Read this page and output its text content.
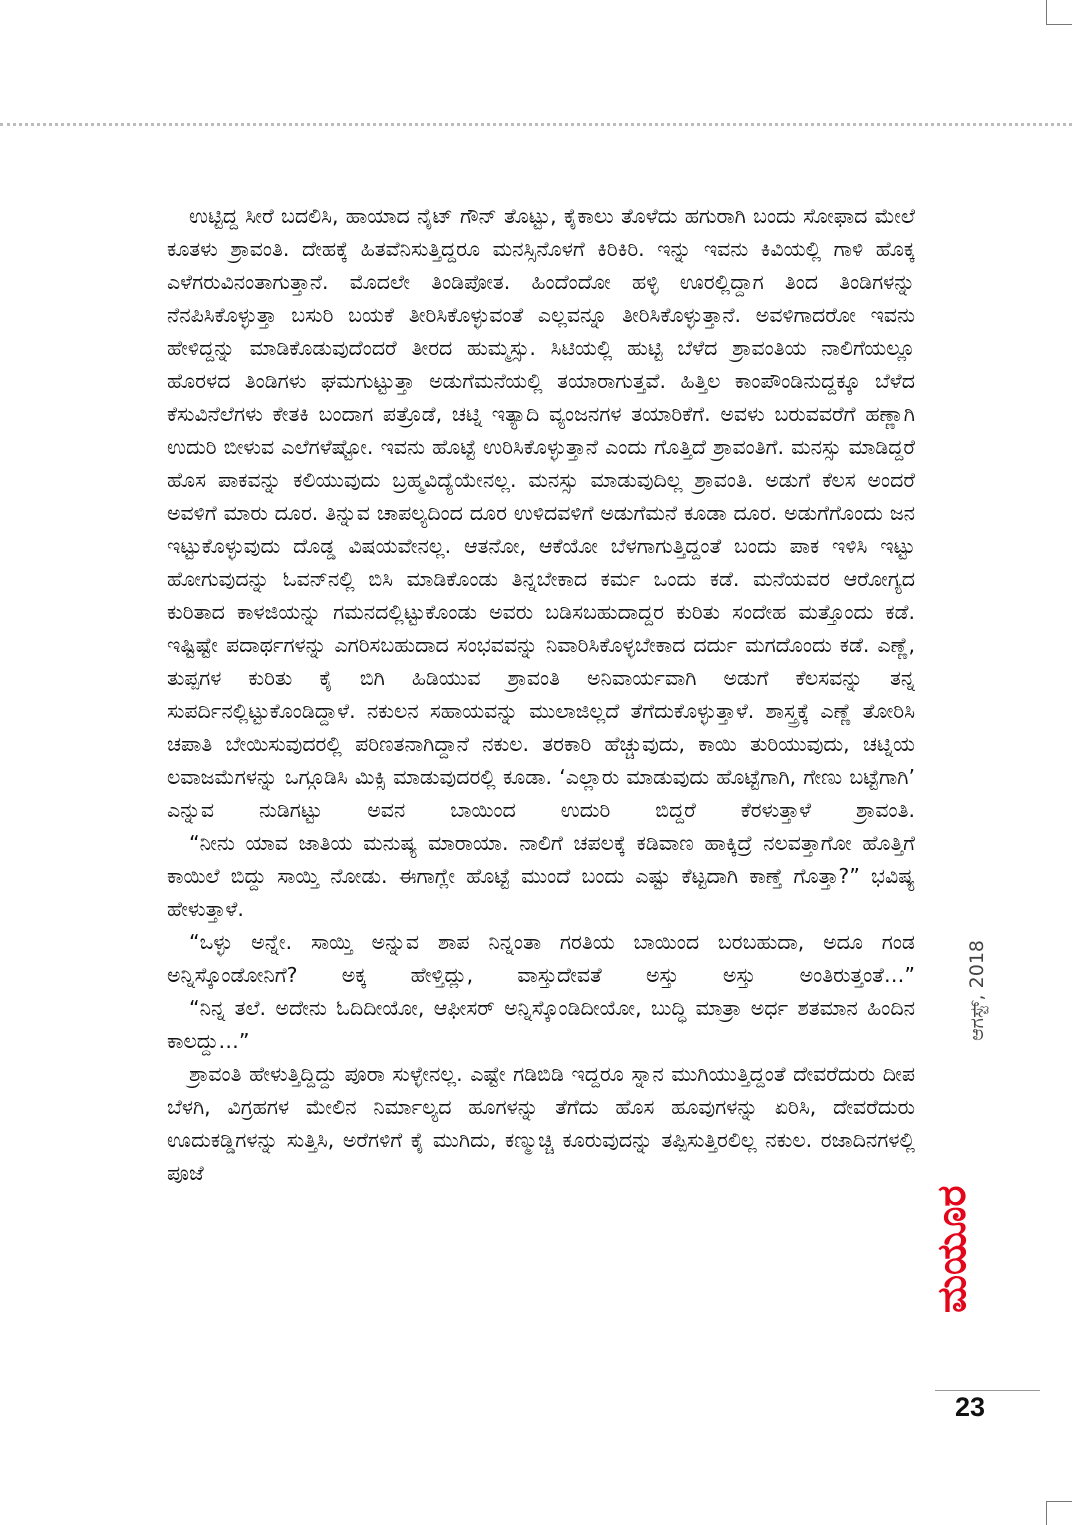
ಉಟ್ಟಿದ್ದ ಸೀರೆ ಬದಲಿಸಿ, ಹಾಯಾದ ನೈಟ್ ಗೌನ್ ತೊಟ್ಟು, ಕೈಕಾಲು ತೊಳೆದು ಹಗುರಾಗಿ ಬಂದು ಸೋಫಾದ ಮೇಲೆ ಕೂತಳು ಶ್ರಾವಂತಿ. ದೇಹಕ್ಕೆ ಹಿತವೆನಿಸುತ್ತಿದ್ದರೂ ಮನಸ್ಸಿನೊಳಗೆ ಕಿರಿಕಿರಿ. ಇನ್ನು ಇವನು ಕಿವಿಯಲ್ಲಿ ಗಾಳಿ ಹೊಕ್ಕ ಎಳೆಗರುವಿನಂತಾಗುತ್ತಾನೆ. ಮೊದಲೇ ತಿಂಡಿಪೋತ. ಹಿಂದೆಂದೋ ಹಳ್ಳಿ ಊರಲ್ಲಿದ್ದಾಗ ತಿಂದ ತಿಂಡಿಗಳನ್ನು ನೆನಪಿಸಿಕೊಳ್ಳುತ್ತಾ ಬಸುರಿ ಬಯಕೆ ತೀರಿಸಿಕೊಳ್ಳುವಂತೆ ಎಲ್ಲವನ್ನೂ ತೀರಿಸಿಕೊಳ್ಳುತ್ತಾನೆ. ಅವಳಿಗಾದರೋ ಇವನು ಹೇಳಿದ್ದನ್ನು ಮಾಡಿಕೊಡುವುದೆಂದರೆ ತೀರದ ಹುಮ್ಮಸ್ಸು. ಸಿಟಿಯಲ್ಲಿ ಹುಟ್ಟಿ ಬೆಳೆದ ಶ್ರಾವಂತಿಯ ನಾಲಿಗೆಯಲ್ಲೂ ಹೊರಳದ ತಿಂಡಿಗಳು ಘಮಗುಟ್ಟುತ್ತಾ ಅಡುಗೆಮನೆಯಲ್ಲಿ ತಯಾರಾಗುತ್ತವೆ. ಹಿತ್ತಿಲ ಕಾಂಪೌಂಡಿನುದ್ದಕ್ಕೂ ಬೆಳೆದ ಕೆಸುವಿನೆಲೆಗಳು ಕೇತಕಿ ಬಂದಾಗ ಪತ್ರೊಡೆ, ಚಟ್ನಿ ಇತ್ಯಾದಿ ವ್ಯಂಜನಗಳ ತಯಾರಿಕೆಗೆ. ಅವಳು ಬರುವವರೆಗೆ ಹಣ್ಣಾಗಿ ಉದುರಿ ಬೀಳುವ ಎಲೆಗಳೆಷ್ಟೋ. ಇವನು ಹೊಟ್ಟೆ ಉರಿಸಿಕೊಳ್ಳುತ್ತಾನೆ ಎಂದು ಗೊತ್ತಿದೆ ಶ್ರಾವಂತಿಗೆ. ಮನಸ್ಸು ಮಾಡಿದ್ದರೆ ಹೊಸ ಪಾಕವನ್ನು ಕಲಿಯುವುದು ಬ್ರಹ್ಮವಿದ್ಯೆಯೇನಲ್ಲ. ಮನಸ್ಸು ಮಾಡುವುದಿಲ್ಲ ಶ್ರಾವಂತಿ. ಅಡುಗೆ ಕೆಲಸ ಅಂದರೆ ಅವಳಿಗೆ ಮಾರು ದೂರ. ತಿನ್ನುವ ಚಾಪಲ್ಯದಿಂದ ದೂರ ಉಳಿದವಳಿಗೆ ಅಡುಗೆಮನೆ ಕೂಡಾ ದೂರ. ಅಡುಗೆಗೊಂದು ಜನ ಇಟ್ಟುಕೊಳ್ಳುವುದು ದೊಡ್ಡ ವಿಷಯವೇನಲ್ಲ. ಆತನೋ, ಆಕೆಯೋ ಬೆಳಗಾಗುತ್ತಿದ್ದಂತೆ ಬಂದು ಪಾಕ ಇಳಿಸಿ ಇಟ್ಟು ಹೋಗುವುದನ್ನು ಓವನ್‌ನಲ್ಲಿ ಬಿಸಿ ಮಾಡಿಕೊಂಡು ತಿನ್ನಬೇಕಾದ ಕರ್ಮ ಒಂದು ಕಡೆ. ಮನೆಯವರ ಆರೋಗ್ಯದ ಕುರಿತಾದ ಕಾಳಜಿಯನ್ನು ಗಮನದಲ್ಲಿಟ್ಟುಕೊಂಡು ಅವರು ಬಡಿಸಬಹುದಾದ್ದರ ಕುರಿತು ಸಂದೇಹ ಮತ್ತೊಂದು ಕಡೆ. ಇಷ್ಟಿಷ್ಟೇ ಪದಾರ್ಥಗಳನ್ನು ಎಗರಿಸಬಹುದಾದ ಸಂಭವವನ್ನು ನಿವಾರಿಸಿಕೊಳ್ಳಬೇಕಾದ ದರ್ದು ಮಗದೊಂದು ಕಡೆ. ಎಣ್ಣೆ, ತುಪ್ಪಗಳ ಕುರಿತು ಕೈ ಬಿಗಿ ಹಿಡಿಯುವ ಶ್ರಾವಂತಿ ಅನಿವಾರ್ಯವಾಗಿ ಅಡುಗೆ ಕೆಲಸವನ್ನು ತನ್ನ ಸುಪರ್ದಿನಲ್ಲಿಟ್ಟುಕೊಂಡಿದ್ದಾಳೆ. ನಕುಲನ ಸಹಾಯವನ್ನು ಮುಲಾಜಿಲ್ಲದೆ ತೆಗೆದುಕೊಳ್ಳುತ್ತಾಳೆ. ಶಾಸ್ತ್ರಕ್ಕೆ ಎಣ್ಣೆ ತೋರಿಸಿ ಚಪಾತಿ ಬೇಯಿಸುವುದರಲ್ಲಿ ಪರಿಣತನಾಗಿದ್ದಾನೆ ನಕುಲ. ತರಕಾರಿ ಹೆಚ್ಚುವುದು, ಕಾಯಿ ತುರಿಯುವುದು, ಚಟ್ನಿಯ ಲವಾಜಮೆಗಳನ್ನು ಒಗ್ಗೂಡಿಸಿ ಮಿಕ್ಸಿ ಮಾಡುವುದರಲ್ಲಿ ಕೂಡಾ. ‘ಎಲ್ಲಾರು ಮಾಡುವುದು ಹೊಟ್ಟೆಗಾಗಿ, ಗೇಣು ಬಟ್ಟೆಗಾಗಿ’ ಎನ್ನುವ ನುಡಿಗಟ್ಟು ಅವನ ಬಾಯಿಂದ ಉದುರಿ ಬಿದ್ದರೆ ಕೆರಳುತ್ತಾಳೆ ಶ್ರಾವಂತಿ.

“ನೀನು ಯಾವ ಜಾತಿಯ ಮನುಷ್ಯ ಮಾರಾಯಾ. ನಾಲಿಗೆ ಚಪಲಕ್ಕೆ ಕಡಿವಾಣ ಹಾಕ್ಕಿದ್ರೆ ನಲವತ್ತಾಗೋ ಹೊತ್ತಿಗೆ ಕಾಯಿಲೆ ಬಿದ್ದು ಸಾಯ್ತಿ ನೋಡು. ಈಗಾಗ್ಲೇ ಹೊಟ್ಟೆ ಮುಂದೆ ಬಂದು ಎಷ್ಟು ಕೆಟ್ಟದಾಗಿ ಕಾಣ್ತೆ ಗೊತ್ತಾ?” ಭವಿಷ್ಯ ಹೇಳುತ್ತಾಳೆ.

“ಒಳ್ಳು ಅನ್ನೇ. ಸಾಯ್ತಿ ಅನ್ನುವ ಶಾಪ ನಿನ್ನಂತಾ ಗರತಿಯ ಬಾಯಿಂದ ಬರಬಹುದಾ, ಅದೂ ಗಂಡ ಅನ್ನಿಸ್ಕೊಂಡೋನಿಗೆ? ಅಕ್ಕ ಹೇಳ್ತಿದ್ಲು, ವಾಸ್ತುದೇವತೆ ಅಸ್ತು ಅಸ್ತು ಅಂತಿರುತ್ತಂತೆ…”

“ನಿನ್ನ ತಲೆ. ಅದೇನು ಓದಿದೀಯೋ, ಆಫೀಸರ್ ಅನ್ನಿಸ್ಕೊಂಡಿದೀಯೋ, ಬುದ್ಧಿ ಮಾತ್ರಾ ಅರ್ಧ ಶತಮಾನ ಹಿಂದಿನ ಕಾಲದ್ದು…”

ಶ್ರಾವಂತಿ ಹೇಳುತ್ತಿದ್ದಿದ್ದು ಪೂರಾ ಸುಳ್ಳೇನಲ್ಲ. ಎಷ್ಟೇ ಗಡಿಬಿಡಿ ಇದ್ದರೂ ಸ್ನಾನ ಮುಗಿಯುತ್ತಿದ್ದಂತೆ ದೇವರೆದುರು ದೀಪ ಬೆಳಗಿ, ವಿಗ್ರಹಗಳ ಮೇಲಿನ ನಿರ್ಮಾಲ್ಯದ ಹೂಗಳನ್ನು ತೆಗೆದು ಹೊಸ ಹೂವುಗಳನ್ನು ಏರಿಸಿ, ದೇವರೆದುರು ಊದುಕಡ್ಡಿಗಳನ್ನು ಸುತ್ತಿಸಿ, ಅರೆಗಳಿಗೆ ಕೈ ಮುಗಿದು, ಕಣ್ಮುಚ್ಚಿ ಕೂರುವುದನ್ನು ತಪ್ಪಿಸುತ್ತಿರಲಿಲ್ಲ ನಕುಲ. ರಜಾದಿನಗಳಲ್ಲಿ ಪೂಜೆ

ಮಯೂರ
ಆಗಸ್ಟ್, 2018
23
